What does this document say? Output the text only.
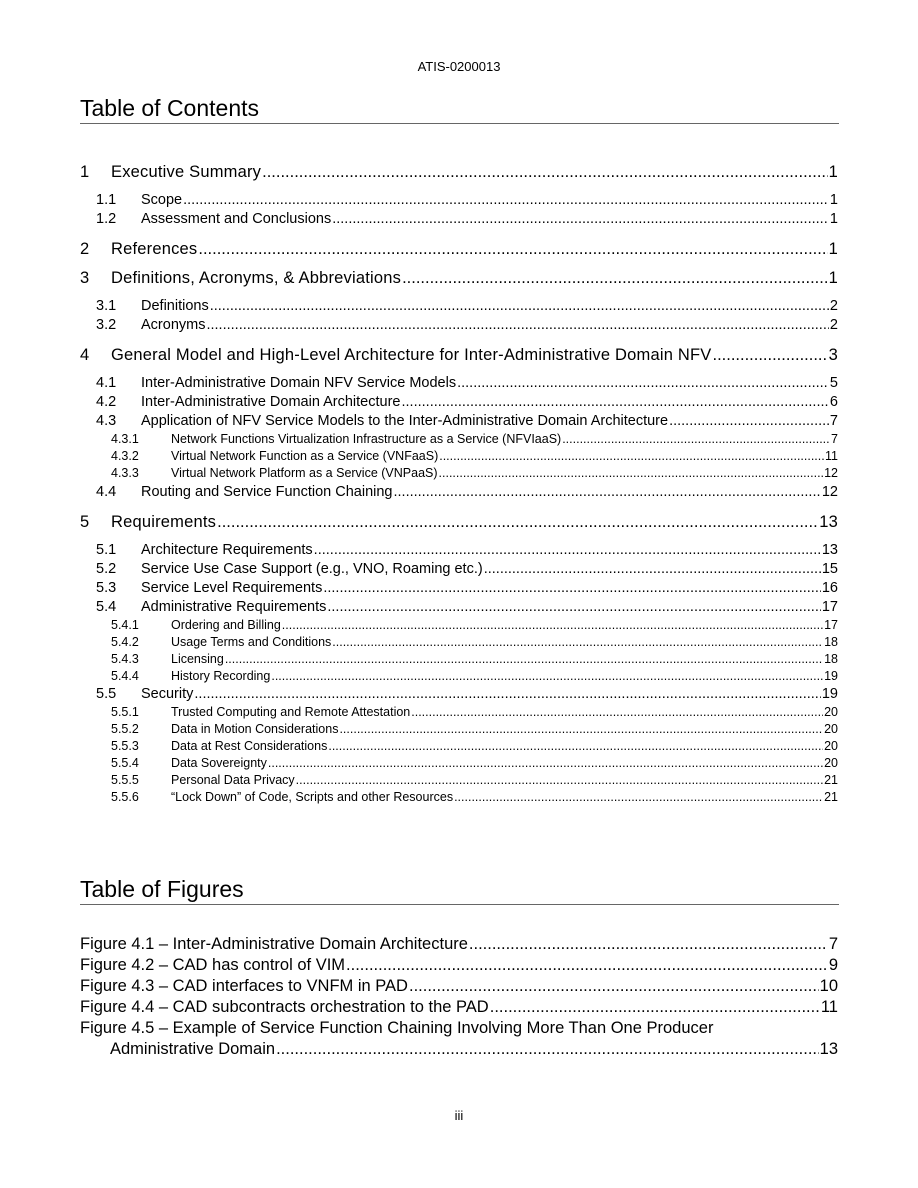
ATIS-0200013
Table of Contents
1	Executive Summary .....	1
1.1	Scope .....	1
1.2	Assessment and Conclusions .....	1
2	References .....	1
3	Definitions, Acronyms, & Abbreviations .....	1
3.1	Definitions .....	2
3.2	Acronyms .....	2
4	General Model and High-Level Architecture for Inter-Administrative Domain NFV .....	3
4.1	Inter-Administrative Domain NFV Service Models .....	5
4.2	Inter-Administrative Domain Architecture .....	6
4.3	Application of NFV Service Models to the Inter-Administrative Domain Architecture .....	7
4.3.1	Network Functions Virtualization Infrastructure as a Service (NFVIaaS) .....	7
4.3.2	Virtual Network Function as a Service (VNFaaS) .....	11
4.3.3	Virtual Network Platform as a Service (VNPaaS) .....	12
4.4	Routing and Service Function Chaining .....	12
5	Requirements .....	13
5.1	Architecture Requirements .....	13
5.2	Service Use Case Support (e.g., VNO, Roaming etc.) .....	15
5.3	Service Level Requirements .....	16
5.4	Administrative Requirements .....	17
5.4.1	Ordering and Billing .....	17
5.4.2	Usage Terms and Conditions .....	18
5.4.3	Licensing .....	18
5.4.4	History Recording .....	19
5.5	Security .....	19
5.5.1	Trusted Computing and Remote Attestation .....	20
5.5.2	Data in Motion Considerations .....	20
5.5.3	Data at Rest Considerations .....	20
5.5.4	Data Sovereignty .....	20
5.5.5	Personal Data Privacy .....	21
5.5.6	“Lock Down” of Code, Scripts and other Resources .....	21
Table of Figures
Figure 4.1 – Inter-Administrative Domain Architecture .....	7
Figure 4.2 – CAD has control of VIM .....	9
Figure 4.3 – CAD interfaces to VNFM in PAD .....	10
Figure 4.4 – CAD subcontracts orchestration to the PAD .....	11
Figure 4.5 – Example of Service Function Chaining Involving More Than One Producer
Administrative Domain .....	13
iii
